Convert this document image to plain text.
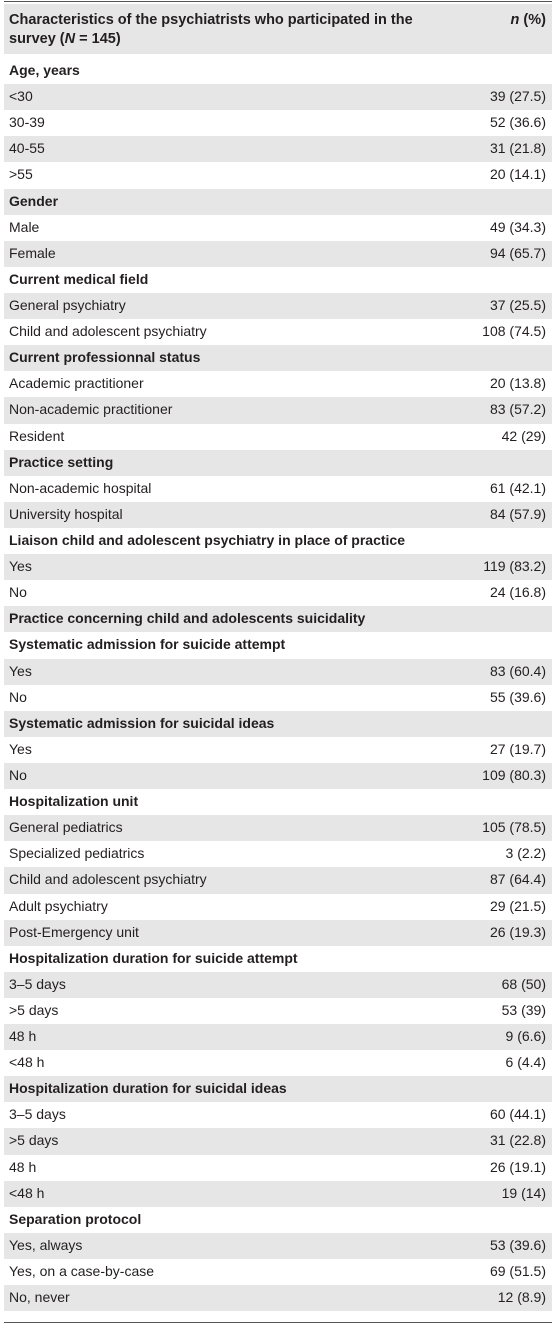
Characteristics of the psychiatrists who participated in the survey (N = 145)
n (%)
Age, years
<30	39 (27.5)
30-39	52 (36.6)
40-55	31 (21.8)
>55	20 (14.1)
Gender
Male	49 (34.3)
Female	94 (65.7)
Current medical field
General psychiatry	37 (25.5)
Child and adolescent psychiatry	108 (74.5)
Current professionnal status
Academic practitioner	20 (13.8)
Non-academic practitioner	83 (57.2)
Resident	42 (29)
Practice setting
Non-academic hospital	61 (42.1)
University hospital	84 (57.9)
Liaison child and adolescent psychiatry in place of practice
Yes	119 (83.2)
No	24 (16.8)
Practice concerning child and adolescents suicidality
Systematic admission for suicide attempt
Yes	83 (60.4)
No	55 (39.6)
Systematic admission for suicidal ideas
Yes	27 (19.7)
No	109 (80.3)
Hospitalization unit
General pediatrics	105 (78.5)
Specialized pediatrics	3 (2.2)
Child and adolescent psychiatry	87 (64.4)
Adult psychiatry	29 (21.5)
Post-Emergency unit	26 (19.3)
Hospitalization duration for suicide attempt
3–5 days	68 (50)
>5 days	53 (39)
48 h	9 (6.6)
<48 h	6 (4.4)
Hospitalization duration for suicidal ideas
3–5 days	60 (44.1)
>5 days	31 (22.8)
48 h	26 (19.1)
<48 h	19 (14)
Separation protocol
Yes, always	53 (39.6)
Yes, on a case-by-case	69 (51.5)
No, never	12 (8.9)
